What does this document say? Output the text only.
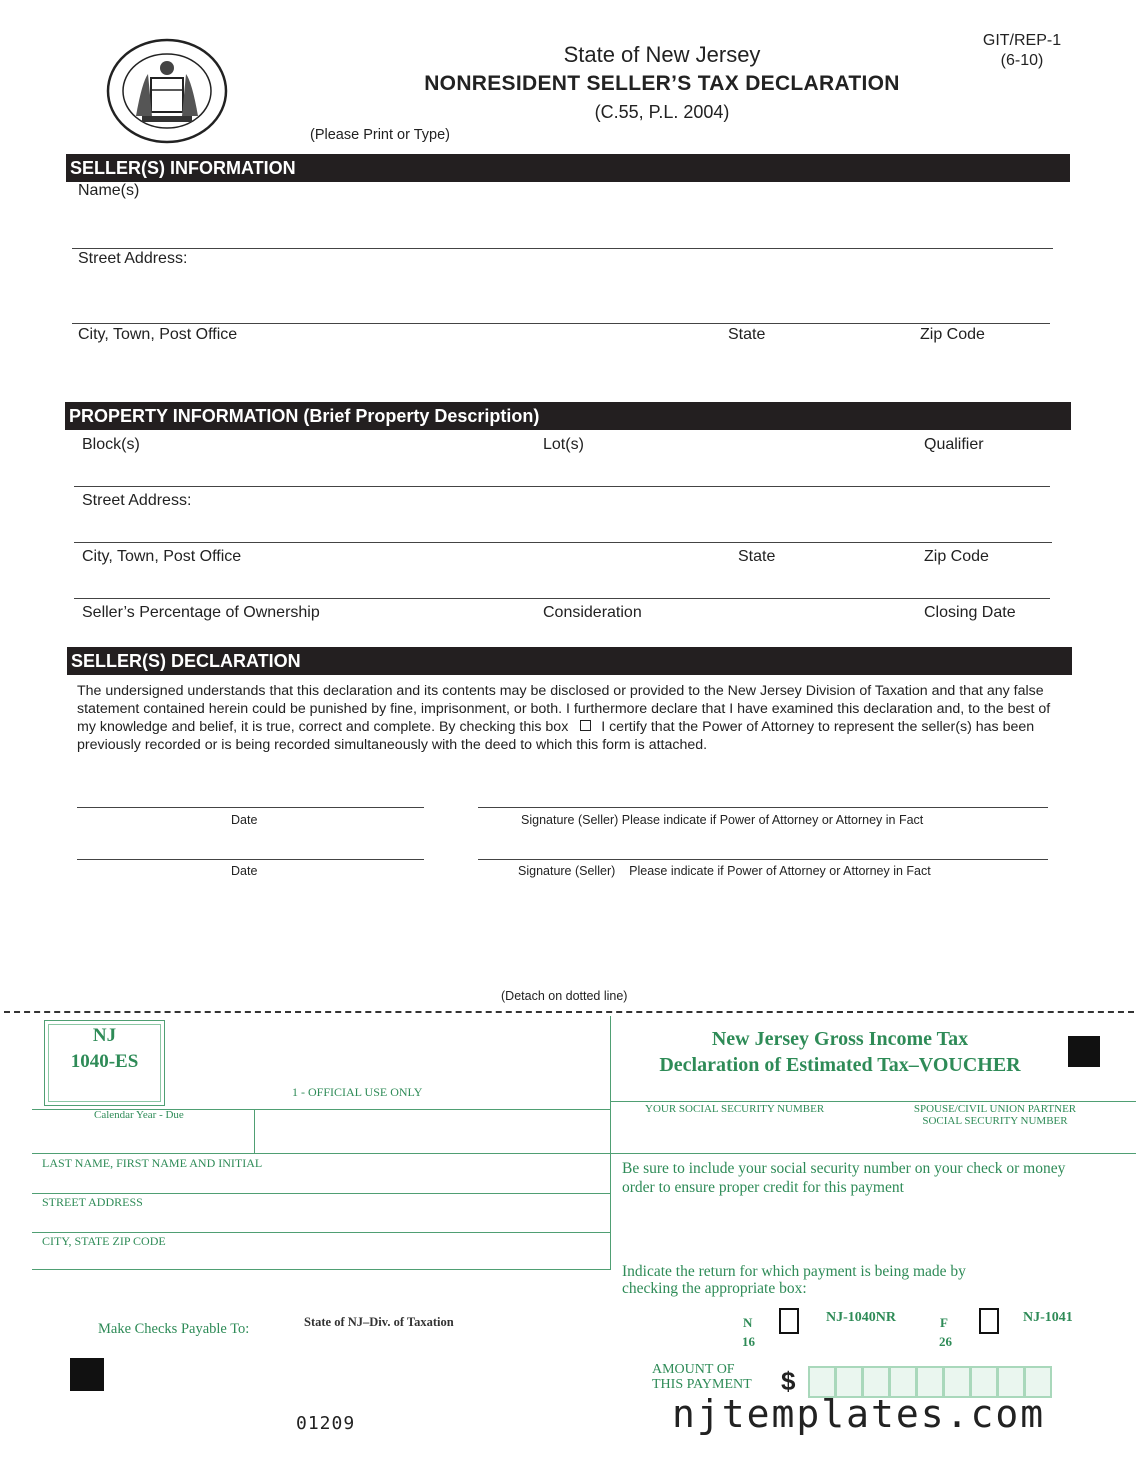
State of New Jersey
NONRESIDENT SELLER’S TAX DECLARATION
(C.55, P.L. 2004)
GIT/REP-1
(6-10)
(Please Print or Type)
SELLER(S) INFORMATION
Name(s)
Street Address:
City, Town, Post Office	State	Zip Code
PROPERTY INFORMATION (Brief Property Description)
Block(s)	Lot(s)	Qualifier
Street Address:
City, Town, Post Office	State	Zip Code
Seller’s Percentage of Ownership	Consideration	Closing Date
SELLER(S) DECLARATION
The undersigned understands that this declaration and its contents may be disclosed or provided to the New Jersey Division of Taxation and that any false statement contained herein could be punished by fine, imprisonment, or both. I furthermore declare that I have examined this declaration and, to the best of my knowledge and belief, it is true, correct and complete. By checking this box I certify that the Power of Attorney to represent the seller(s) has been previously recorded or is being recorded simultaneously with the deed to which this form is attached.
Date	Signature (Seller) Please indicate if Power of Attorney or Attorney in Fact
Date	Signature (Seller)    Please indicate if Power of Attorney or Attorney in Fact
(Detach on dotted line)
NJ
1040-ES
Calendar Year - Due
1 - OFFICIAL USE ONLY
New Jersey Gross Income Tax
Declaration of Estimated Tax–VOUCHER
YOUR SOCIAL SECURITY NUMBER	SPOUSE/CIVIL UNION PARTNER
SOCIAL SECURITY NUMBER
LAST NAME, FIRST NAME AND INITIAL
STREET ADDRESS
CITY, STATE ZIP CODE
Be sure to include your social security number on your check or money order to ensure proper credit for this payment
Indicate the return for which payment is being made by checking the appropriate box:
Make Checks Payable To:	State of NJ–Div. of Taxation	N
16
NJ-1040NR	F
26
NJ-1041
AMOUNT OF
THIS PAYMENT $
01209	njtemplates.com
